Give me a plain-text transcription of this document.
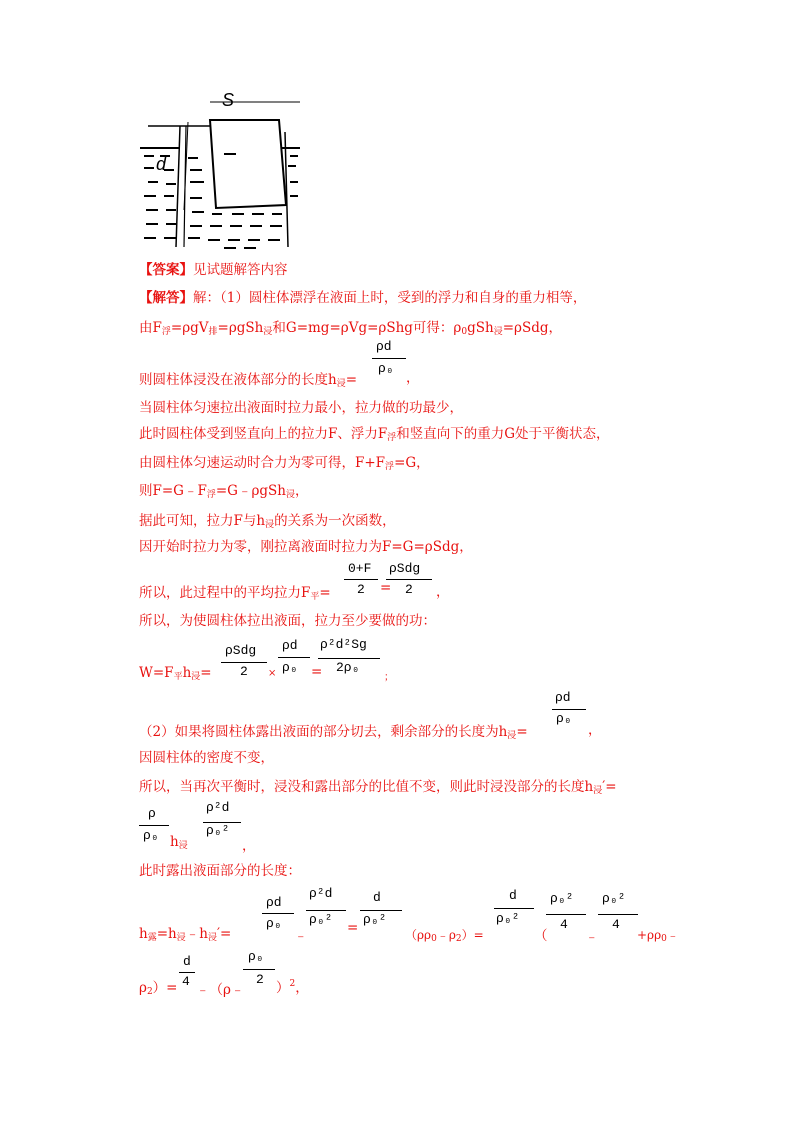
S
d
【答案】见试题解答内容
【解答】解：（1）圆柱体漂浮在液面上时，受到的浮力和自身的重力相等，
由F浮=ρgV排=ρgSh浸和G=mg=ρVg=ρShg可得：ρ0gSh浸=ρSdg，
则圆柱体浸没在液体部分的长度h浸=
ρd
ρ₀
，
当圆柱体匀速拉出液面时拉力最小，拉力做的功最少，
此时圆柱体受到竖直向上的拉力F、浮力F浮和竖直向下的重力G处于平衡状态，
由圆柱体匀速运动时合力为零可得，F+F浮=G，
则F=G﹣F浮=G﹣ρgSh浸，
据此可知，拉力F与h浸的关系为一次函数，
因开始时拉力为零，刚拉离液面时拉力为F=G=ρSdg，
所以，此过程中的平均拉力F平=
0+F
2 =
ρSdg
2 ，
所以，为使圆柱体拉出液面，拉力至少要做的功：
W=F平h浸=
ρSdg
2 ×
ρd
ρ₀ =
ρ²d²Sg
2ρ₀
；
（2）如果将圆柱体露出液面的部分切去，剩余部分的长度为h浸=
ρd
ρ₀
，
因圆柱体的密度不变，
所以，当再次平衡时，浸没和露出部分的比值不变，则此时浸没部分的长度h浸′=
ρ
ρ₀ h浸
ρ²d
ρ₀²
，
此时露出液面部分的长度：
h露=h浸﹣h浸′=
ρd
ρ₀
﹣
ρ²d
ρ₀²
=
d
ρ₀²
（ρρ0﹣ρ2）=
d
ρ₀²
（
ρ₀²
4
﹣
ρ₀²
4
+ρρ0﹣
ρ2）=
d
4
﹣（ρ﹣
ρ₀
2
）$^2$，
